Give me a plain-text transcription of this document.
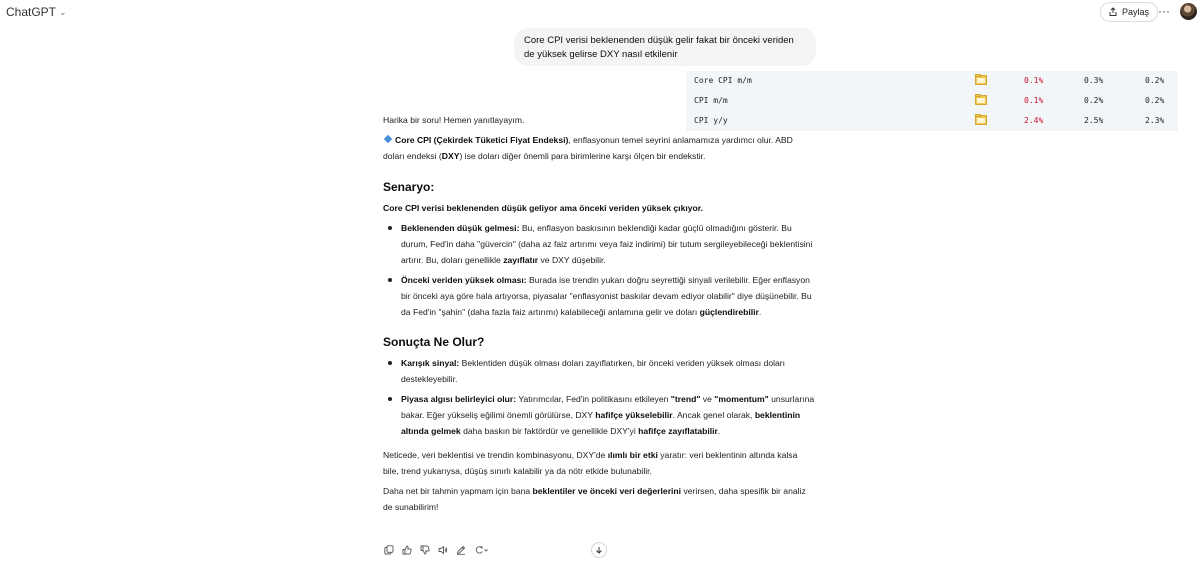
ChatGPT ⌄	Paylaş ···
Core CPI verisi beklenenden düşük gelir fakat bir önceki veriden de yüksek gelirse DXY nasıl etkilenir
Core CPI m/m	0.1%	0.3%	0.2%
CPI m/m	0.1%	0.2%	0.2%
CPI y/y	2.4%	2.5%	2.3%

Harika bir soru! Hemen yanıtlayayım.

Core CPI (Çekirdek Tüketici Fiyat Endeksi), enflasyonun temel seyrini anlamamıza yardımcı olur. ABD doları endeksi (DXY) ise doları diğer önemli para birimlerine karşı ölçen bir endekstir.

Senaryo:

Core CPI verisi beklenenden düşük geliyor ama önceki veriden yüksek çıkıyor.

Beklenenden düşük gelmesi: Bu, enflasyon baskısının beklendiği kadar güçlü olmadığını gösterir. Bu durum, Fed'in daha "güvercin" (daha az faiz artırımı veya faiz indirimi) bir tutum sergileyebileceği beklentisini artırır. Bu, doları genellikle zayıflatır ve DXY düşebilir.
Önceki veriden yüksek olması: Burada ise trendin yukarı doğru seyrettiği sinyali verilebilir. Eğer enflasyon bir önceki aya göre hala artıyorsa, piyasalar "enflasyonist baskılar devam ediyor olabilir" diye düşünebilir. Bu da Fed'in "şahin" (daha fazla faiz artırımı) kalabileceği anlamına gelir ve doları güçlendirebilir.
Sonuçta Ne Olur?
Karışık sinyal: Beklentiden düşük olması doları zayıflatırken, bir önceki veriden yüksek olması doları destekleyebilir.
Piyasa algısı belirleyici olur: Yatırımcılar, Fed'in politikasını etkileyen "trend" ve "momentum" unsurlarına bakar. Eğer yükseliş eğilimi önemli görülürse, DXY hafifçe yükselebilir. Ancak genel olarak, beklentinin altında gelmek daha baskın bir faktördür ve genellikle DXY'yi hafifçe zayıflatabilir.

Neticede, veri beklentisi ve trendin kombinasyonu, DXY'de ılımlı bir etki yaratır: veri beklentinin altında kalsa bile, trend yukarıysa, düşüş sınırlı kalabilir ya da nötr etkide bulunabilir.

Daha net bir tahmin yapmam için bana beklentiler ve önceki veri değerlerini verirsen, daha spesifik bir analiz de sunabilirim!
